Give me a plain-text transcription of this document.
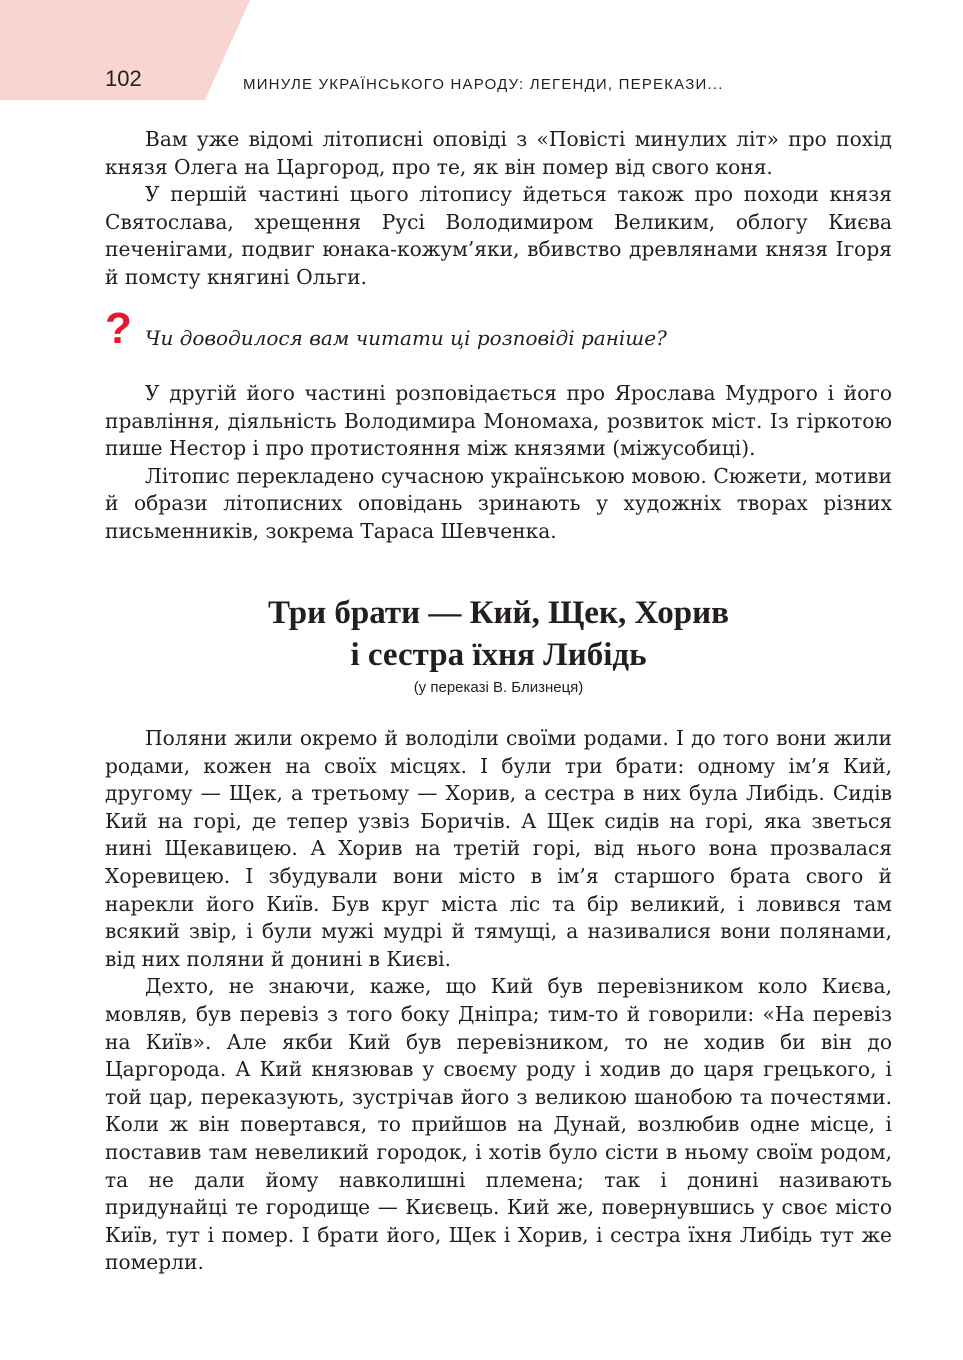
102	МИНУЛЕ УКРАЇНСЬКОГО НАРОДУ: ЛЕГЕНДИ, ПЕРЕКАЗИ...

Вам уже відомі літописні оповіді з «Повісті минулих літ» про похід князя Олега на Царгород, про те, як він помер від свого коня.

У першій частині цього літопису йдеться також про походи князя Святослава, хрещення Русі Володимиром Великим, облогу Києва печенігами, подвиг юнака-кожум’яки, вбивство древлянами князя Ігоря й помсту княгині Ольги.

? Чи доводилося вам читати ці розповіді раніше?

У другій його частині розповідається про Ярослава Мудрого і його правління, діяльність Володимира Мономаха, розвиток міст. Із гіркотою пише Нестор і про протистояння між князями (міжусобиці).

Літопис перекладено сучасною українською мовою. Сюжети, мотиви й образи літописних оповідань зринають у художніх творах різних письменників, зокрема Тараса Шевченка.

Три брати — Кий, Щек, Хорив
і сестра їхня Либідь
(у переказі В. Близнеця)

Поляни жили окремо й володіли своїми родами. І до того вони жили родами, кожен на своїх місцях. І були три брати: одному ім’я Кий, другому — Щек, а третьому — Хорив, а сестра в них була Либідь. Сидів Кий на горі, де тепер узвіз Боричів. А Щек сидів на горі, яка зветься нині Щекавицею. А Хорив на третій горі, від нього вона прозвалася Хоревицею. І збудували вони місто в ім’я старшого брата свого й нарекли його Київ. Був круг міста ліс та бір великий, і ловився там всякий звір, і були мужі мудрі й тямущі, а називалися вони полянами, від них поляни й донині в Києві.

Дехто, не знаючи, каже, що Кий був перевізником коло Києва, мовляв, був перевіз з того боку Дніпра; тим-то й говорили: «На перевіз на Київ». Але якби Кий був перевізником, то не ходив би він до Царгорода. А Кий князював у своєму роду і ходив до царя грецького, і той цар, переказують, зустрічав його з великою шанобою та почестями. Коли ж він повертався, то прийшов на Дунай, возлюбив одне місце, і поставив там невеликий городок, і хотів було сісти в ньому своїм родом, та не дали йому навколишні племена; так і донині називають придунайці те городище — Києвець. Кий же, повернувшись у своє місто Київ, тут і помер. І брати його, Щек і Хорив, і сестра їхня Либідь тут же померли.
